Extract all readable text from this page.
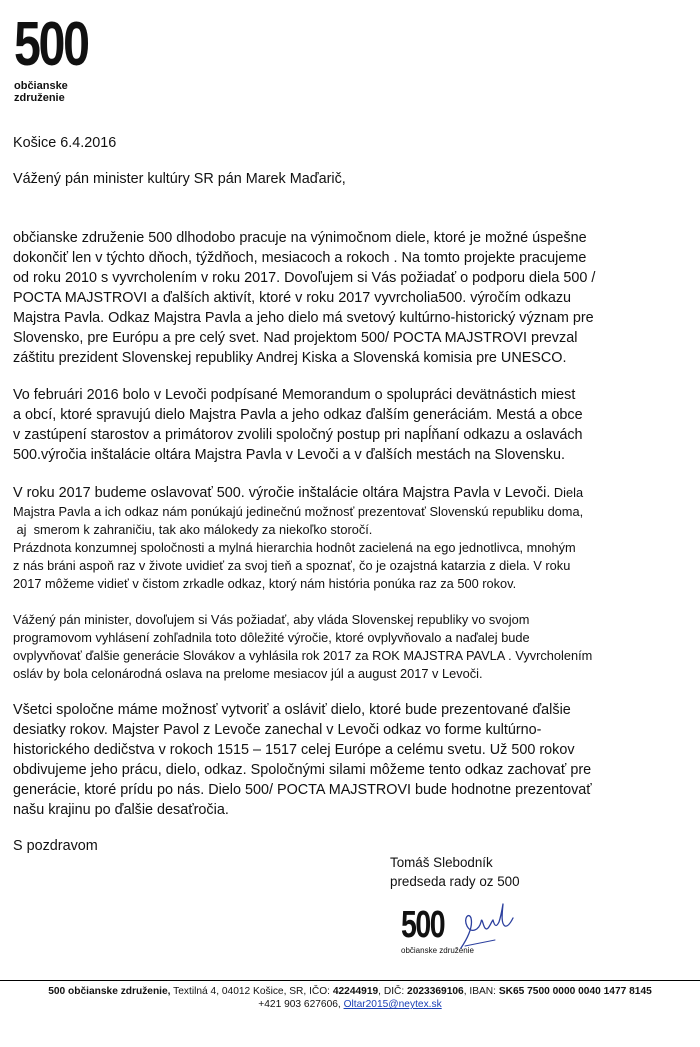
500
občianske združenie
Košice 6.4.2016
Vážený pán minister kultúry SR pán Marek Maďarič,

občianske združenie 500 dlhodobo pracuje na výnimočnom diele, ktoré je možné úspešne

dokončiť len v týchto dňoch, týždňoch, mesiacoch a rokoch . Na tomto projekte pracujeme

od roku 2010 s vyvrcholením v roku 2017. Dovoľujem si Vás požiadať o podporu diela 500 /

POCTA MAJSTROVI a ďalších aktivít, ktoré v roku 2017 vyvrcholia500. výročím odkazu

Majstra Pavla. Odkaz Majstra Pavla a jeho dielo má svetový kultúrno-historický význam pre

Slovensko, pre Európu a pre celý svet. Nad projektom 500/ POCTA MAJSTROVI prevzal

záštitu prezident Slovenskej republiky Andrej Kiska a Slovenská komisia pre UNESCO.

Vo februári 2016 bolo v Levoči podpísané Memorandum o spolupráci devätnástich miest

a obcí, ktoré spravujú dielo Majstra Pavla a jeho odkaz ďalším generáciám. Mestá a obce

v zastúpení starostov a primátorov zvolili spoločný postup pri napĺňaní odkazu a oslavách

500.výročia inštalácie oltára Majstra Pavla v Levoči a v ďalších mestách na Slovensku.

V roku 2017 budeme oslavovať 500. výročie inštalácie oltára Majstra Pavla v Levoči. Diela

Majstra Pavla a ich odkaz nám ponúkajú jedinečnú možnosť prezentovať Slovenskú republiku doma,

aj  smerom k zahraničiu, tak ako málokedy za niekoľko storočí.

Prázdnota konzumnej spoločnosti a mylná hierarchia hodnôt zacielená na ego jednotlivca, mnohým

z nás bráni aspoň raz v živote uvidieť za svoj tieň a spoznať, čo je ozajstná katarzia z diela. V roku

2017 môžeme vidieť v čistom zrkadle odkaz, ktorý nám história ponúka raz za 500 rokov.

Vážený pán minister, dovoľujem si Vás požiadať, aby vláda Slovenskej republiky vo svojom

programovom vyhlásení zohľadnila toto dôležité výročie, ktoré ovplyvňovalo a naďalej bude

ovplyvňovať ďalšie generácie Slovákov a vyhlásila rok 2017 za ROK MAJSTRA PAVLA . Vyvrcholením

osláv by bola celonárodná oslava na prelome mesiacov júl a august 2017 v Levoči.

Všetci spoločne máme možnosť vytvoriť a osláviť dielo, ktoré bude prezentované ďalšie

desiatky rokov. Majster Pavol z Levoče zanechal v Levoči odkaz vo forme kultúrno-

historického dedičstva v rokoch 1515 – 1517 celej Európe a celému svetu. Už 500 rokov

obdivujeme jeho prácu, dielo, odkaz. Spoločnými silami môžeme tento odkaz zachovať pre

generácie, ktoré prídu po nás. Dielo 500/ POCTA MAJSTROVI bude hodnotne prezentovať

našu krajinu po ďalšie desaťročia.

S pozdravom
Tomáš Slebodník
predseda rady oz 500
500
občianske združenie
500 občianske združenie, Textilná 4, 04012 Košice, SR, IČO: 42244919, DIČ: 2023369106, IBAN: SK65 7500 0000 0040 1477 8145
+421 903 627606, Oltar2015@neytex.sk
